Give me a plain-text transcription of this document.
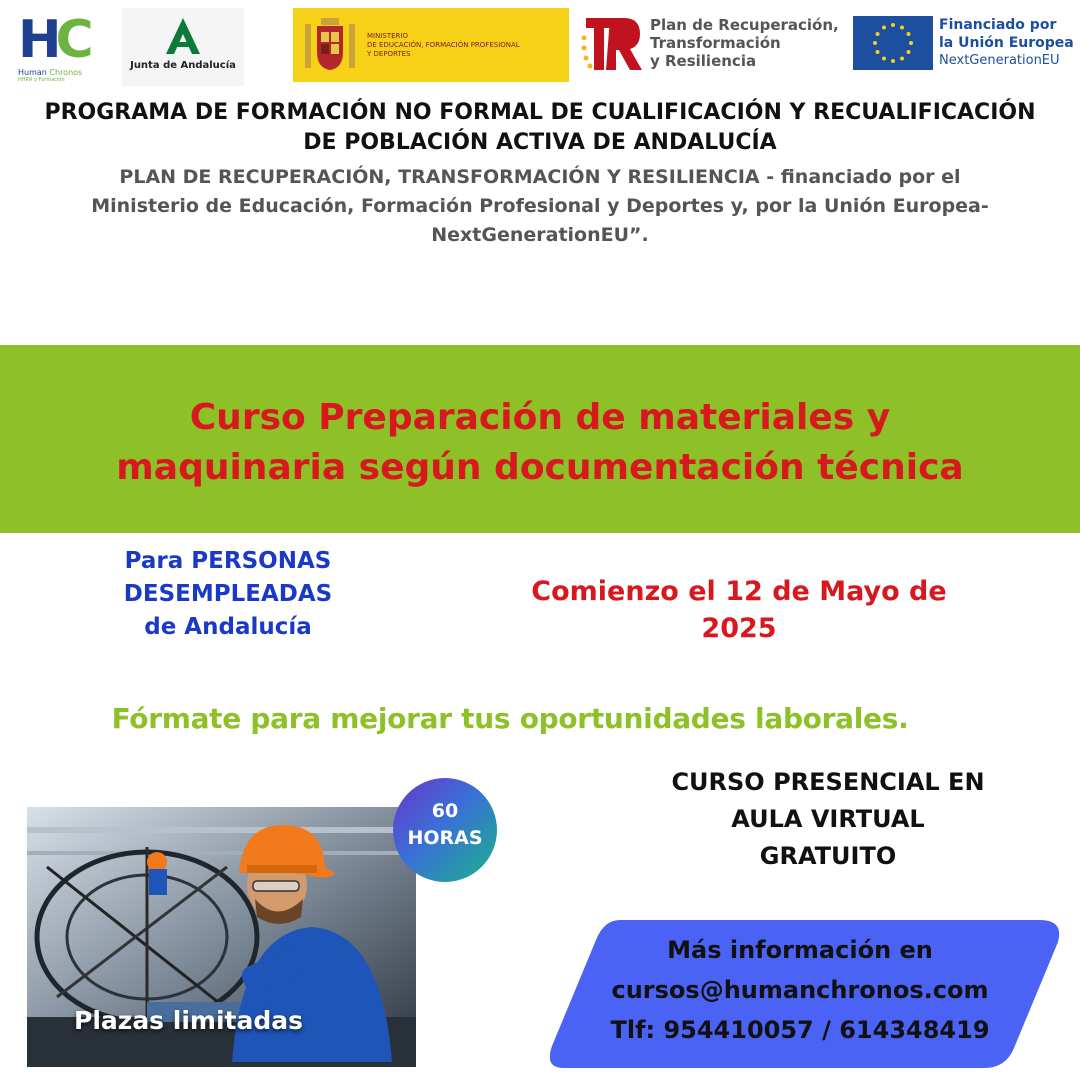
HC
Human Chronos
HHRR y Formación
Junta de Andalucía
MINISTERIO
DE EDUCACIÓN, FORMACIÓN PROFESIONAL
Y DEPORTES
Plan de Recuperación,
Transformación
y Resiliencia
Financiado por
la Unión Europea
NextGenerationEU
PROGRAMA DE FORMACIÓN NO FORMAL DE CUALIFICACIÓN Y RECUALIFICACIÓN
DE POBLACIÓN ACTIVA DE ANDALUCÍA
PLAN DE RECUPERACIÓN, TRANSFORMACIÓN Y RESILIENCIA - financiado por el
Ministerio de Educación, Formación Profesional y Deportes y, por la Unión Europea-
NextGenerationEU”.
Curso Preparación de materiales y
maquinaria según documentación técnica
Para PERSONAS
DESEMPLEADAS
de Andalucía
Comienzo el 12 de Mayo de
2025
Fórmate para mejorar tus oportunidades laborales.
CURSO PRESENCIAL EN
AULA VIRTUAL
GRATUITO
Plazas limitadas
60
HORAS
Más información en
cursos@humanchronos.com
Tlf: 954410057 / 614348419
